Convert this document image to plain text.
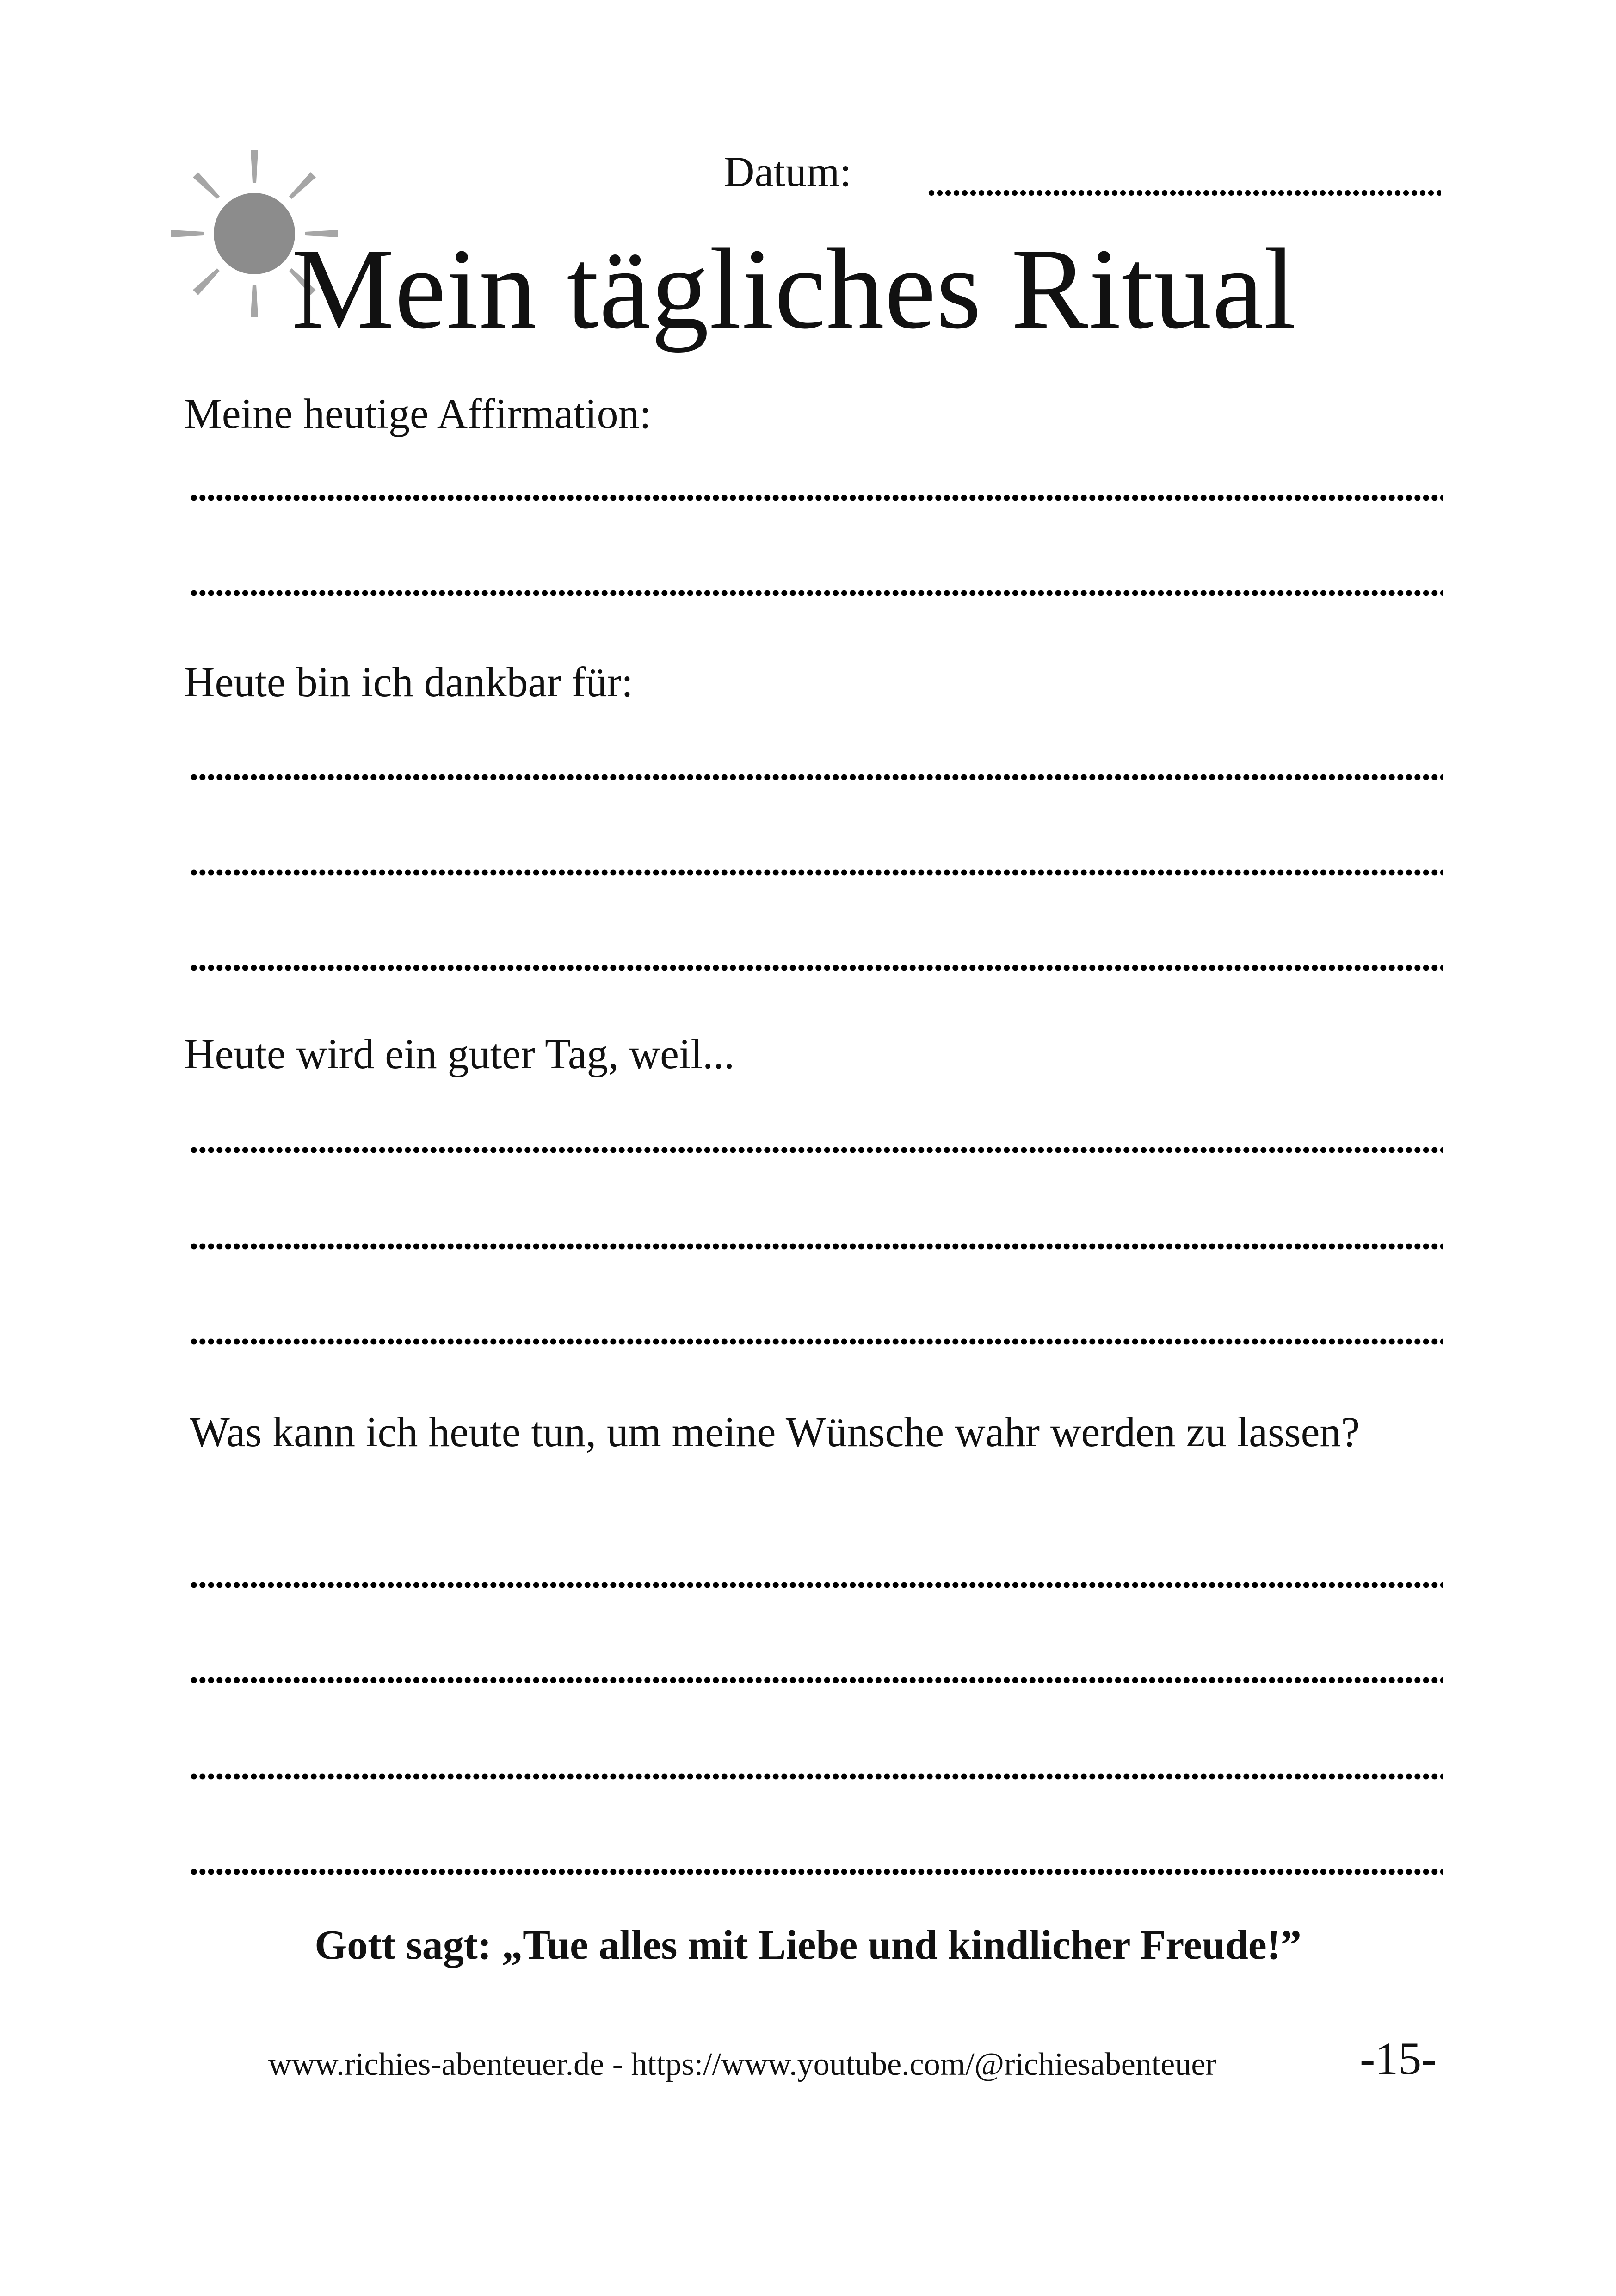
Datum:
Mein tägliches Ritual
Meine heutige Affirmation:
Heute bin ich dankbar für:
Heute wird ein guter Tag, weil...
Was kann ich heute tun, um meine Wünsche wahr werden zu lassen?
Gott sagt: „Tue alles mit Liebe und kindlicher Freude!”
www.richies-abenteuer.de - https://www.youtube.com/@richiesabenteuer	-15-
